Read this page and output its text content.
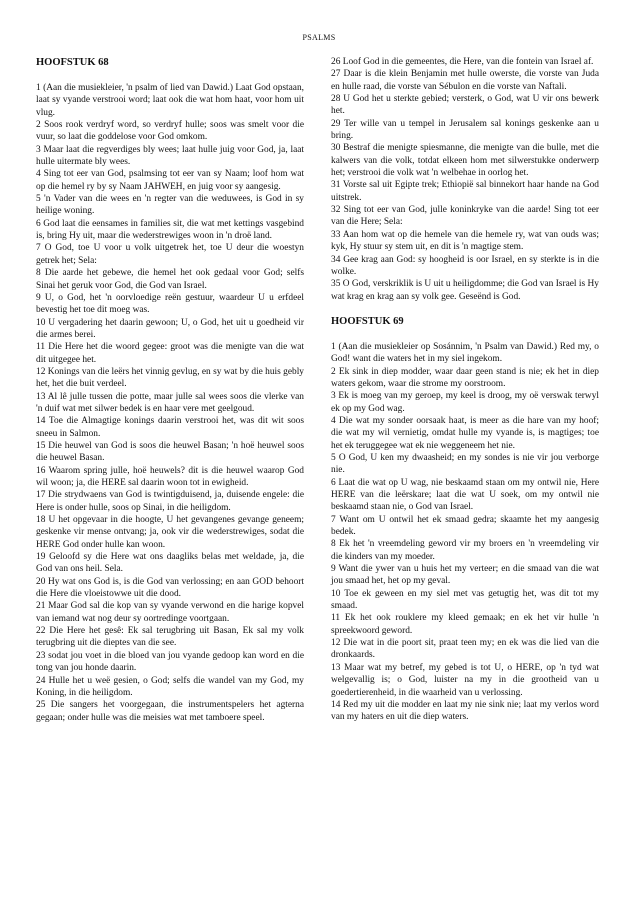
PSALMS
HOOFSTUK 68

1 (Aan die musiekleier, 'n psalm of lied van Dawid.) Laat God opstaan, laat sy vyande verstrooi word; laat ook die wat hom haat, voor hom uit vlug.

2 Soos rook verdryf word, so verdryf hulle; soos was smelt voor die vuur, so laat die goddelose voor God omkom.

3 Maar laat die regverdiges bly wees; laat hulle juig voor God, ja, laat hulle uitermate bly wees.

4 Sing tot eer van God, psalmsing tot eer van sy Naam; loof hom wat op die hemel ry by sy Naam JAHWEH, en juig voor sy aangesig.

5 'n Vader van die wees en 'n regter van die weduwees, is God in sy heilige woning.

6 God laat die eensames in families sit, die wat met kettings vasgebind is, bring Hy uit, maar die wederstrewiges woon in 'n droë land.

7 O God, toe U voor u volk uitgetrek het, toe U deur die woestyn getrek het; Sela:

8 Die aarde het gebewe, die hemel het ook gedaal voor God; selfs Sinai het geruk voor God, die God van Israel.

9 U, o God, het 'n oorvloedige reën gestuur, waardeur U u erfdeel bevestig het toe dit moeg was.

10 U vergadering het daarin gewoon; U, o God, het uit u goedheid vir die armes berei.

11 Die Here het die woord gegee: groot was die menigte van die wat dit uitgegee het.

12 Konings van die leërs het vinnig gevlug, en sy wat by die huis gebly het, het die buit verdeel.

13 Al lê julle tussen die potte, maar julle sal wees soos die vlerke van 'n duif wat met silwer bedek is en haar vere met geelgoud.

14 Toe die Almagtige konings daarin verstrooi het, was dit wit soos sneeu in Salmon.

15 Die heuwel van God is soos die heuwel Basan; 'n hoë heuwel soos die heuwel Basan.

16 Waarom spring julle, hoë heuwels? dit is die heuwel waarop God wil woon; ja, die HERE sal daarin woon tot in ewigheid.

17 Die strydwaens van God is twintigduisend, ja, duisende engele: die Here is onder hulle, soos op Sinai, in die heiligdom.

18 U het opgevaar in die hoogte, U het gevangenes gevange geneem; geskenke vir mense ontvang; ja, ook vir die wederstrewiges, sodat die HERE God onder hulle kan woon.

19 Geloofd sy die Here wat ons daagliks belas met weldade, ja, die God van ons heil. Sela.

20 Hy wat ons God is, is die God van verlossing; en aan GOD behoort die Here die vloeistowwe uit die dood.

21 Maar God sal die kop van sy vyande verwond en die harige kopvel van iemand wat nog deur sy oortredinge voortgaan.

22 Die Here het gesê: Ek sal terugbring uit Basan, Ek sal my volk terugbring uit die dieptes van die see.

23 sodat jou voet in die bloed van jou vyande gedoop kan word en die tong van jou honde daarin.

24 Hulle het u weë gesien, o God; selfs die wandel van my God, my Koning, in die heiligdom.

25 Die sangers het voorgegaan, die instrumentspelers het agterna gegaan; onder hulle was die meisies wat met tamboere speel.

26 Loof God in die gemeentes, die Here, van die fontein van Israel af.

27 Daar is die klein Benjamin met hulle owerste, die vorste van Juda en hulle raad, die vorste van Sébulon en die vorste van Naftali.

28 U God het u sterkte gebied; versterk, o God, wat U vir ons bewerk het.

29 Ter wille van u tempel in Jerusalem sal konings geskenke aan u bring.

30 Bestraf die menigte spiesmanne, die menigte van die bulle, met die kalwers van die volk, totdat elkeen hom met silwerstukke onderwerp het; verstrooi die volk wat 'n welbehae in oorlog het.

31 Vorste sal uit Egipte trek; Ethiopië sal binnekort haar hande na God uitstrek.

32 Sing tot eer van God, julle koninkryke van die aarde! Sing tot eer van die Here; Sela:

33 Aan hom wat op die hemele van die hemele ry, wat van ouds was; kyk, Hy stuur sy stem uit, en dit is 'n magtige stem.

34 Gee krag aan God: sy hoogheid is oor Israel, en sy sterkte is in die wolke.

35 O God, verskriklik is U uit u heiligdomme; die God van Israel is Hy wat krag en krag aan sy volk gee. Geseënd is God.

HOOFSTUK 69

1 (Aan die musiekleier op Sosánnim, 'n Psalm van Dawid.) Red my, o God! want die waters het in my siel ingekom.

2 Ek sink in diep modder, waar daar geen stand is nie; ek het in diep waters gekom, waar die strome my oorstroom.

3 Ek is moeg van my geroep, my keel is droog, my oë verswak terwyl ek op my God wag.

4 Die wat my sonder oorsaak haat, is meer as die hare van my hoof; die wat my wil vernietig, omdat hulle my vyande is, is magtiges; toe het ek teruggegee wat ek nie weggeneem het nie.

5 O God, U ken my dwaasheid; en my sondes is nie vir jou verborge nie.

6 Laat die wat op U wag, nie beskaamd staan om my ontwil nie, Here HERE van die leërskare; laat die wat U soek, om my ontwil nie beskaamd staan nie, o God van Israel.

7 Want om U ontwil het ek smaad gedra; skaamte het my aangesig bedek.

8 Ek het 'n vreemdeling geword vir my broers en 'n vreemdeling vir die kinders van my moeder.

9 Want die ywer van u huis het my verteer; en die smaad van die wat jou smaad het, het op my geval.

10 Toe ek geween en my siel met vas getugtig het, was dit tot my smaad.

11 Ek het ook rouklere my kleed gemaak; en ek het vir hulle 'n spreekwoord geword.

12 Die wat in die poort sit, praat teen my; en ek was die lied van die dronkaards.

13 Maar wat my betref, my gebed is tot U, o HERE, op 'n tyd wat welgevallig is; o God, luister na my in die grootheid van u goedertierenheid, in die waarheid van u verlossing.

14 Red my uit die modder en laat my nie sink nie; laat my verlos word van my haters en uit die diep waters.
